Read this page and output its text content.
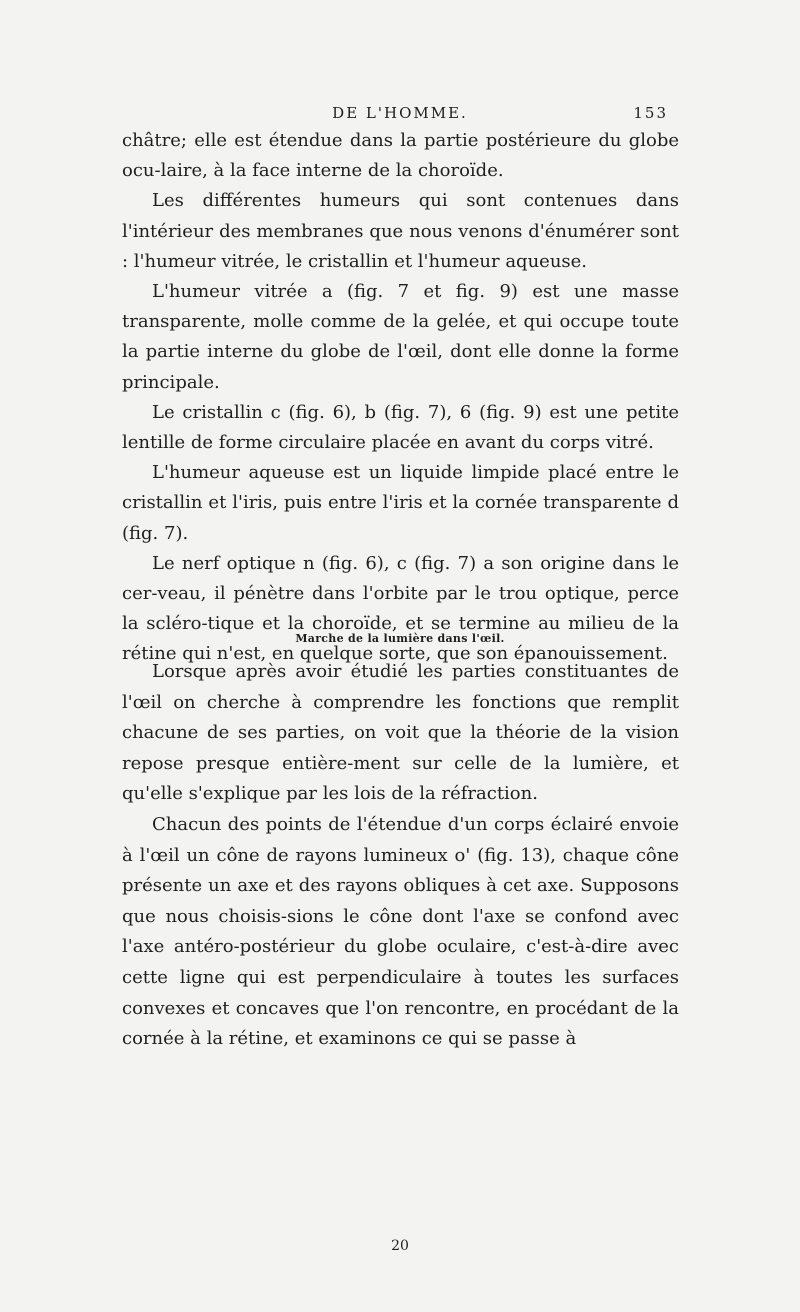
DE L'HOMME.	153

châtre; elle est étendue dans la partie postérieure du globe ocu-laire, à la face interne de la choroïde.

Les différentes humeurs qui sont contenues dans l'intérieur des membranes que nous venons d'énumérer sont : l'humeur vitrée, le cristallin et l'humeur aqueuse.

L'humeur vitrée a (fig. 7 et fig. 9) est une masse transparente, molle comme de la gelée, et qui occupe toute la partie interne du globe de l'œil, dont elle donne la forme principale.

Le cristallin c (fig. 6), b (fig. 7), 6 (fig. 9) est une petite lentille de forme circulaire placée en avant du corps vitré.

L'humeur aqueuse est un liquide limpide placé entre le cristallin et l'iris, puis entre l'iris et la cornée transparente d (fig. 7).

Le nerf optique n (fig. 6), c (fig. 7) a son origine dans le cer-veau, il pénètre dans l'orbite par le trou optique, perce la scléro-tique et la choroïde, et se termine au milieu de la rétine qui n'est, en quelque sorte, que son épanouissement.

Marche de la lumière dans l'œil.

Lorsque après avoir étudié les parties constituantes de l'œil on cherche à comprendre les fonctions que remplit chacune de ses parties, on voit que la théorie de la vision repose presque entière-ment sur celle de la lumière, et qu'elle s'explique par les lois de la réfraction.

Chacun des points de l'étendue d'un corps éclairé envoie à l'œil un cône de rayons lumineux o' (fig. 13), chaque cône présente un axe et des rayons obliques à cet axe. Supposons que nous choisis-sions le cône dont l'axe se confond avec l'axe antéro-postérieur du globe oculaire, c'est-à-dire avec cette ligne qui est perpendiculaire à toutes les surfaces convexes et concaves que l'on rencontre, en procédant de la cornée à la rétine, et examinons ce qui se passe à

20
